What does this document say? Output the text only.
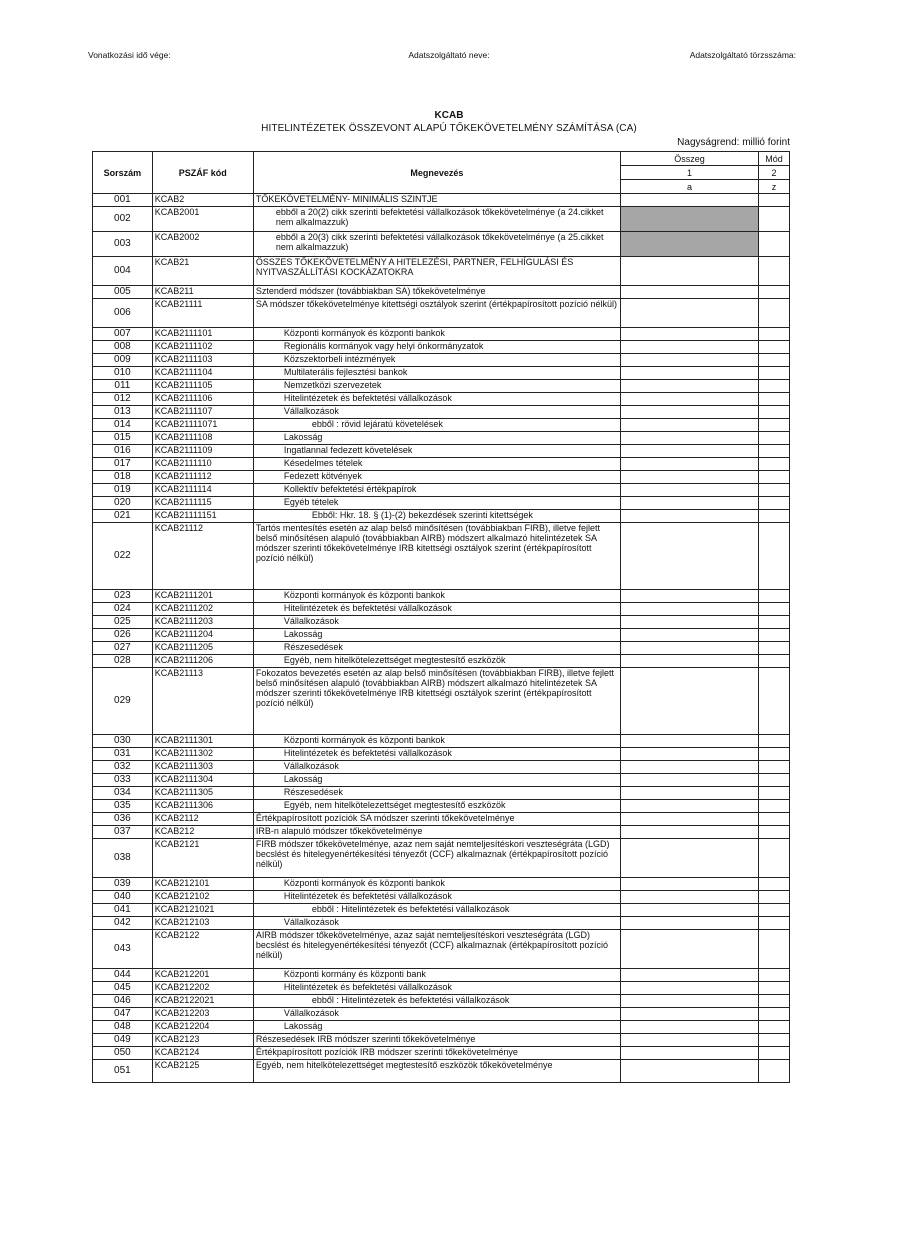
Vonatkozási idő vége:	Adatszolgáltató neve:	Adatszolgáltató törzsszáma:
KCAB
HITELINTÉZETEK ÖSSZEVONT ALAPÚ TŐKEKÖVETELMÉNY SZÁMÍTÁSA (CA)
Nagyságrend: millió forint
Sorszám	PSZÁF kód	Megnevezés	Összeg	Mód
			1	2
			a	z
001	KCAB2	TŐKEKÖVETELMÉNY- MINIMÁLIS SZINTJE		
002	KCAB2001	ebből a 20(2) cikk szerinti befektetési vállalkozások tőkekövetelménye (a 24.cikket nem alkalmazzuk)		
003	KCAB2002	ebből a 20(3) cikk szerinti befektetési vállalkozások tőkekövetelménye (a 25.cikket nem alkalmazzuk)		
004	KCAB21	ÖSSZES TŐKEKÖVETELMÉNY A HITELEZÉSI, PARTNER, FELHÍGULÁSI ÉS NYITVASZÁLLÍTÁSI KOCKÁZATOKRA		
005	KCAB211	Sztenderd módszer (továbbiakban SA) tőkekövetelménye		
006	KCAB21111	SA módszer tőkekövetelménye kitettségi osztályok szerint (értékpapírosított pozíció nélkül)		
007	KCAB2111101	Központi kormányok és központi bankok		
008	KCAB2111102	Regionális kormányok vagy helyi önkormányzatok		
009	KCAB2111103	Közszektorbeli intézmények		
010	KCAB2111104	Multilaterális fejlesztési bankok		
011	KCAB2111105	Nemzetközi szervezetek		
012	KCAB2111106	Hitelintézetek és befektetési vállalkozások		
013	KCAB2111107	Vállalkozások		
014	KCAB21111071	ebből : rövid lejáratú követelések		
015	KCAB2111108	Lakosság		
016	KCAB2111109	Ingatlannal fedezett követelések		
017	KCAB2111110	Késedelmes tételek		
018	KCAB2111112	Fedezett kötvények		
019	KCAB2111114	Kollektív befektetési értékpapírok		
020	KCAB2111115	Egyéb tételek		
021	KCAB21111151	Ebből: Hkr. 18. § (1)-(2) bekezdések szerinti kitettségek		
022	KCAB21112	Tartós mentesítés esetén az alap belső minősítésen (továbbiakban FIRB), illetve fejlett belső minősítésen alapuló (továbbiakban AIRB) módszert alkalmazó hitelintézetek SA módszer szerinti tőkekövetelménye IRB kitettségi osztályok szerint (értékpapírosított pozíció nélkül)		
023	KCAB2111201	Központi kormányok és központi bankok		
024	KCAB2111202	Hitelintézetek és befektetési vállalkozások		
025	KCAB2111203	Vállalkozások		
026	KCAB2111204	Lakosság		
027	KCAB2111205	Részesedések		
028	KCAB2111206	Egyéb, nem hitelkötelezettséget megtestesítő eszközök		
029	KCAB21113	Fokozatos bevezetés esetén az alap belső minősítésen (továbbiakban FIRB), illetve fejlett belső minősítésen alapuló (továbbiakban AIRB) módszert alkalmazó hitelintézetek SA módszer szerinti tőkekövetelménye IRB kitettségi osztályok szerint (értékpapírosított pozíció nélkül)		
030	KCAB2111301	Központi kormányok és központi bankok		
031	KCAB2111302	Hitelintézetek és befektetési vállalkozások		
032	KCAB2111303	Vállalkozások		
033	KCAB2111304	Lakosság		
034	KCAB2111305	Részesedések		
035	KCAB2111306	Egyéb, nem hitelkötelezettséget megtestesítő eszközök		
036	KCAB2112	Értékpapírosított pozíciók SA módszer szerinti tőkekövetelménye		
037	KCAB212	IRB-n alapuló módszer tőkekövetelménye		
038	KCAB2121	FIRB módszer tőkekövetelménye, azaz nem saját nemteljesítéskori veszteségráta (LGD) becslést és hitelegyenértékesítési tényezőt (CCF) alkalmaznak (értékpapírosított pozíció nélkül)		
039	KCAB212101	Központi kormányok és központi bankok		
040	KCAB212102	Hitelintézetek és befektetési vállalkozások		
041	KCAB2121021	ebből : Hitelintézetek és befektetési vállalkozások		
042	KCAB212103	Vállalkozások		
043	KCAB2122	AIRB módszer tőkekövetelménye, azaz saját nemteljesítéskori veszteségráta (LGD) becslést és hitelegyenértékesítési tényezőt (CCF) alkalmaznak (értékpapírosított pozíció nélkül)		
044	KCAB212201	Központi kormány és központi bank		
045	KCAB212202	Hitelintézetek és befektetési vállalkozások		
046	KCAB2122021	ebből : Hitelintézetek és befektetési vállalkozások		
047	KCAB212203	Vállalkozások		
048	KCAB212204	Lakosság		
049	KCAB2123	Részesedések IRB módszer szerinti tőkekövetelménye		
050	KCAB2124	Értékpapírosított pozíciók IRB módszer szerinti tőkekövetelménye		
051	KCAB2125	Egyéb, nem hitelkötelezettséget megtestesítő eszközök tőkekövetelménye		
